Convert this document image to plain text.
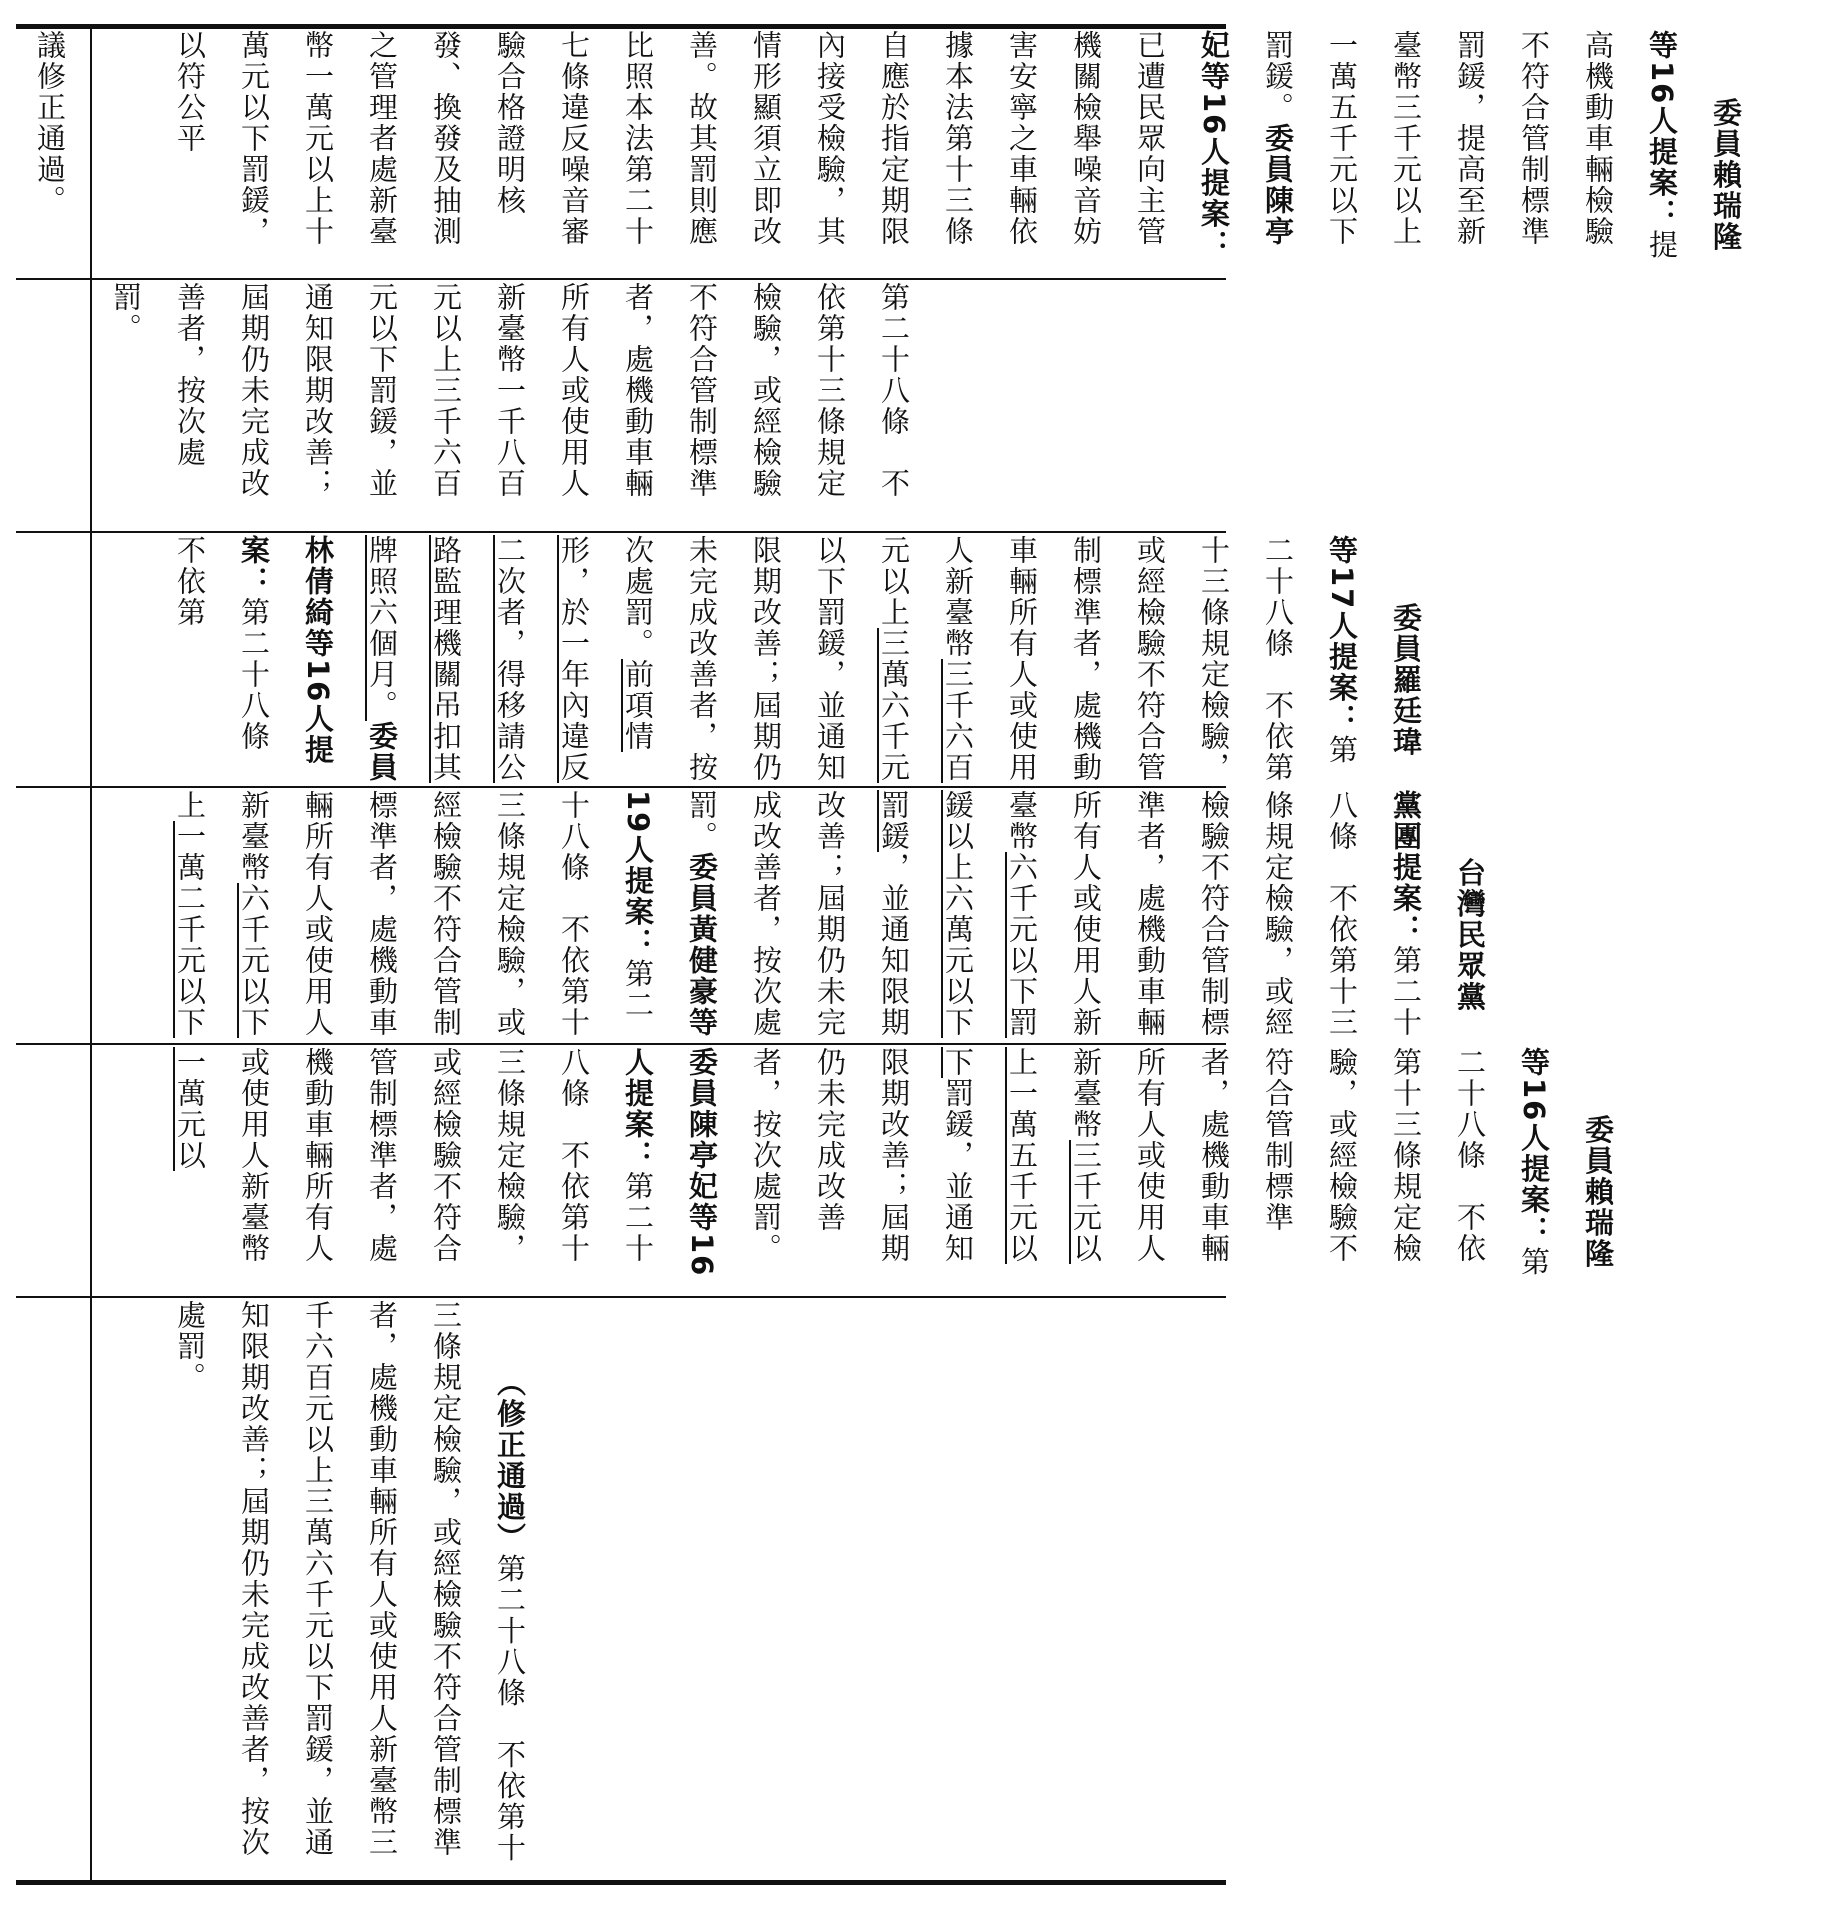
議修正通過。	委員賴瑞隆等16人提案：提高機動車輛檢驗不符合管制標準罰鍰，提高至新臺幣三千元以上一萬五千元以下罰鍰。委員陳亭妃等16人提案：已遭民眾向主管機關檢舉噪音妨害安寧之車輛依據本法第十三條自應於指定期限內接受檢驗，其情形顯須立即改善。故其罰則應比照本法第二十七條違反噪音審驗合格證明核發、換發及抽測之管理者處新臺幣一萬元以上十萬元以下罰鍰，以符公平

第二十八條　不依第十三條規定檢驗，或經檢驗不符合管制標準者，處機動車輛所有人或使用人新臺幣一千八百元以上三千六百元以下罰鍰，並通知限期改善；屆期仍未完成改善者，按次處罰。

委員羅廷瑋等17人提案：第二十八條　不依第十三條規定檢驗，或經檢驗不符合管制標準者，處機動車輛所有人或使用人新臺幣三千六百元以上三萬六千元以下罰鍰，並通知限期改善；屆期仍未完成改善者，按次處罰。前項情形，於一年內違反二次者，得移請公路監理機關吊扣其牌照六個月。委員林倩綺等16人提案：第二十八條　不依第

台灣民眾黨黨團提案：第二十八條　不依第十三條規定檢驗，或經檢驗不符合管制標準者，處機動車輛所有人或使用人新臺幣六千元以下罰鍰以上六萬元以下罰鍰，並通知限期改善；屆期仍未完成改善者，按次處罰。委員黃健豪等19人提案：第二十八條　不依第十三條規定檢驗，或經檢驗不符合管制標準者，處機動車輛所有人或使用人新臺幣六千元以下上一萬二千元以下

委員賴瑞隆等16人提案：第二十八條　不依第十三條規定檢驗，或經檢驗不符合管制標準者，處機動車輛所有人或使用人新臺幣三千元以上一萬五千元以下罰鍰，並通知限期改善；屆期仍未完成改善者，按次處罰。委員陳亭妃等16人提案：第二十八條　不依第十三條規定檢驗，或經檢驗不符合管制標準者，處機動車輛所有人或使用人新臺幣一萬元以

（修正通過）第二十八條　不依第十三條規定檢驗，或經檢驗不符合管制標準者，處機動車輛所有人或使用人新臺幣三千六百元以上三萬六千元以下罰鍰，並通知限期改善；屆期仍未完成改善者，按次處罰。
